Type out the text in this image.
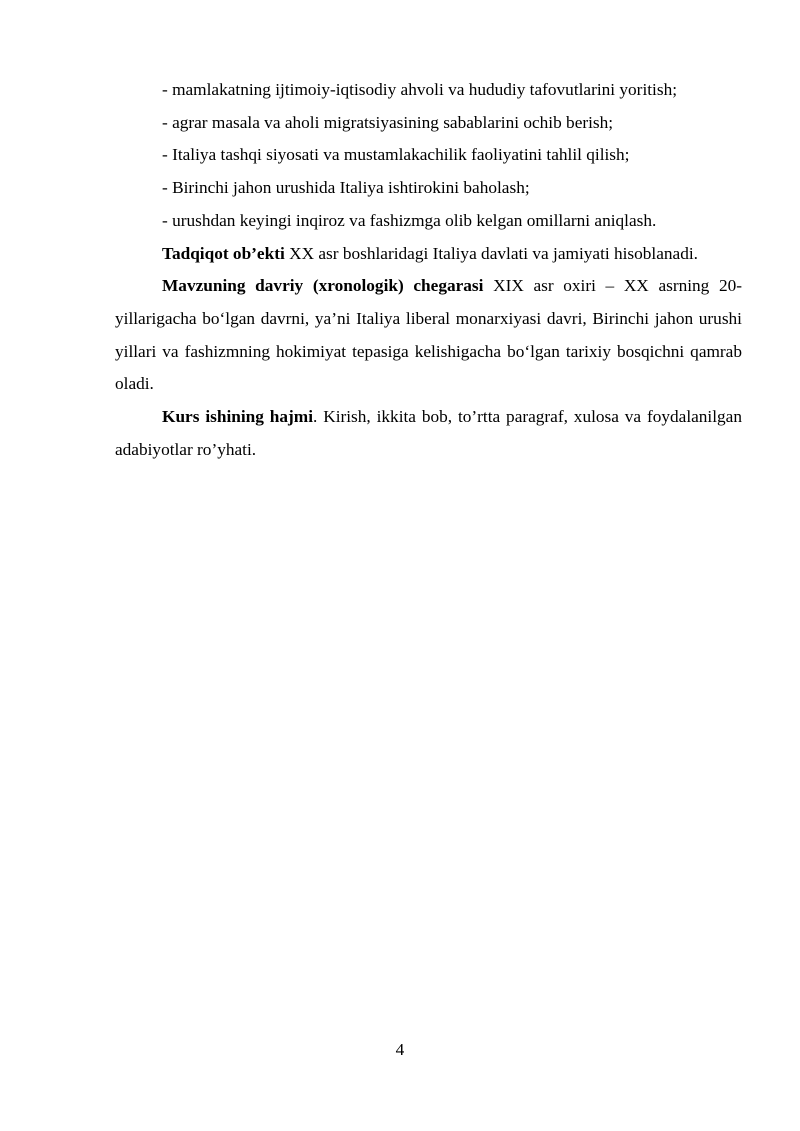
- mamlakatning ijtimoiy-iqtisodiy ahvoli va hududiy tafovutlarini yoritish;

- agrar masala va aholi migratsiyasining sabablarini ochib berish;

- Italiya tashqi siyosati va mustamlakachilik faoliyatini tahlil qilish;

- Birinchi jahon urushida Italiya ishtirokini baholash;

- urushdan keyingi inqiroz va fashizmga olib kelgan omillarni aniqlash.

Tadqiqot ob’ekti XX asr boshlaridagi Italiya davlati va jamiyati hisoblanadi.

Mavzuning davriy (xronologik) chegarasi XIX asr oxiri – XX asrning 20-yillarigacha bo‘lgan davrni, ya’ni Italiya liberal monarxiyasi davri, Birinchi jahon urushi yillari va fashizmning hokimiyat tepasiga kelishigacha bo‘lgan tarixiy bosqichni qamrab oladi.

Kurs ishining hajmi. Kirish, ikkita bob, to’rtta paragraf, xulosa va foydalanilgan adabiyotlar ro’yhati.

4
